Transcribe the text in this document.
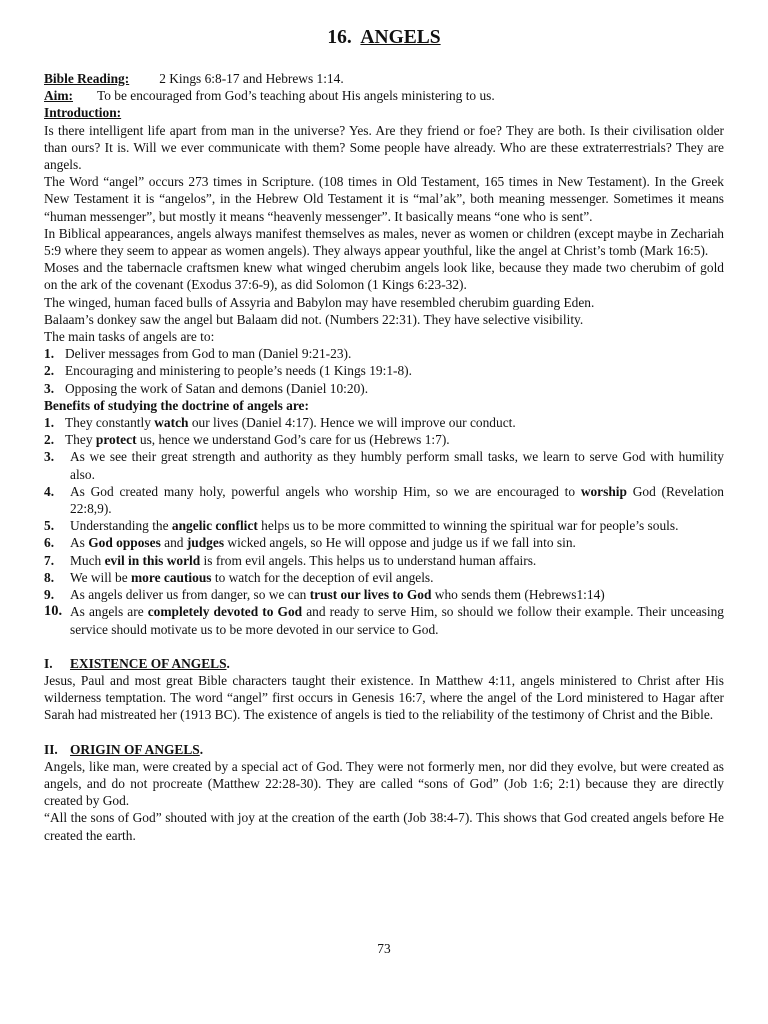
16. ANGELS
Bible Reading: 2 Kings 6:8-17 and Hebrews 1:14.
Aim: To be encouraged from God’s teaching about His angels ministering to us.
Introduction:

Is there intelligent life apart from man in the universe? Yes. Are they friend or foe? They are both. Is their civilisation older than ours? It is. Will we ever communicate with them? Some people have already. Who are these extraterrestrials? They are angels.

The Word “angel” occurs 273 times in Scripture. (108 times in Old Testament, 165 times in New Testament). In the Greek New Testament it is “angelos”, in the Hebrew Old Testament it is “mal’ak”, both meaning messenger. Sometimes it means “human messenger”, but mostly it means “heavenly messenger”. It basically means “one who is sent”.

In Biblical appearances, angels always manifest themselves as males, never as women or children (except maybe in Zechariah 5:9 where they seem to appear as women angels). They always appear youthful, like the angel at Christ’s tomb (Mark 16:5).

Moses and the tabernacle craftsmen knew what winged cherubim angels look like, because they made two cherubim of gold on the ark of the covenant (Exodus 37:6-9), as did Solomon (1 Kings 6:23-32).

The winged, human faced bulls of Assyria and Babylon may have resembled cherubim guarding Eden.

Balaam’s donkey saw the angel but Balaam did not. (Numbers 22:31). They have selective visibility.

The main tasks of angels are to:

1. Deliver messages from God to man (Daniel 9:21-23).
2. Encouraging and ministering to people’s needs (1 Kings 19:1-8).
3. Opposing the work of Satan and demons (Daniel 10:20).
Benefits of studying the doctrine of angels are:
1. They constantly watch our lives (Daniel 4:17). Hence we will improve our conduct.
2. They protect us, hence we understand God’s care for us (Hebrews 1:7).
3.	As we see their great strength and authority as they humbly perform small tasks, we learn to serve God with humility also.
4.	As God created many holy, powerful angels who worship Him, so we are encouraged to worship God (Revelation 22:8,9).
5.	Understanding the angelic conflict helps us to be more committed to winning the spiritual war for people’s souls.
6.	As God opposes and judges wicked angels, so He will oppose and judge us if we fall into sin.
7.	Much evil in this world is from evil angels. This helps us to understand human affairs.
8.	We will be more cautious to watch for the deception of evil angels.
9.	As angels deliver us from danger, so we can trust our lives to God who sends them (Hebrews1:14)
10. As angels are completely devoted to God and ready to serve Him, so should we follow their example. Their unceasing service should motivate us to be more devoted in our service to God.
I. EXISTENCE OF ANGELS.

Jesus, Paul and most great Bible characters taught their existence. In Matthew 4:11, angels ministered to Christ after His wilderness temptation. The word “angel” first occurs in Genesis 16:7, where the angel of the Lord ministered to Hagar after Sarah had mistreated her (1913 BC). The existence of angels is tied to the reliability of the testimony of Christ and the Bible.

II. ORIGIN OF ANGELS.

Angels, like man, were created by a special act of God. They were not formerly men, nor did they evolve, but were created as angels, and do not procreate (Matthew 22:28-30). They are called “sons of God” (Job 1:6; 2:1) because they are directly created by God.

“All the sons of God” shouted with joy at the creation of the earth (Job 38:4-7). This shows that God created angels before He created the earth.

73
